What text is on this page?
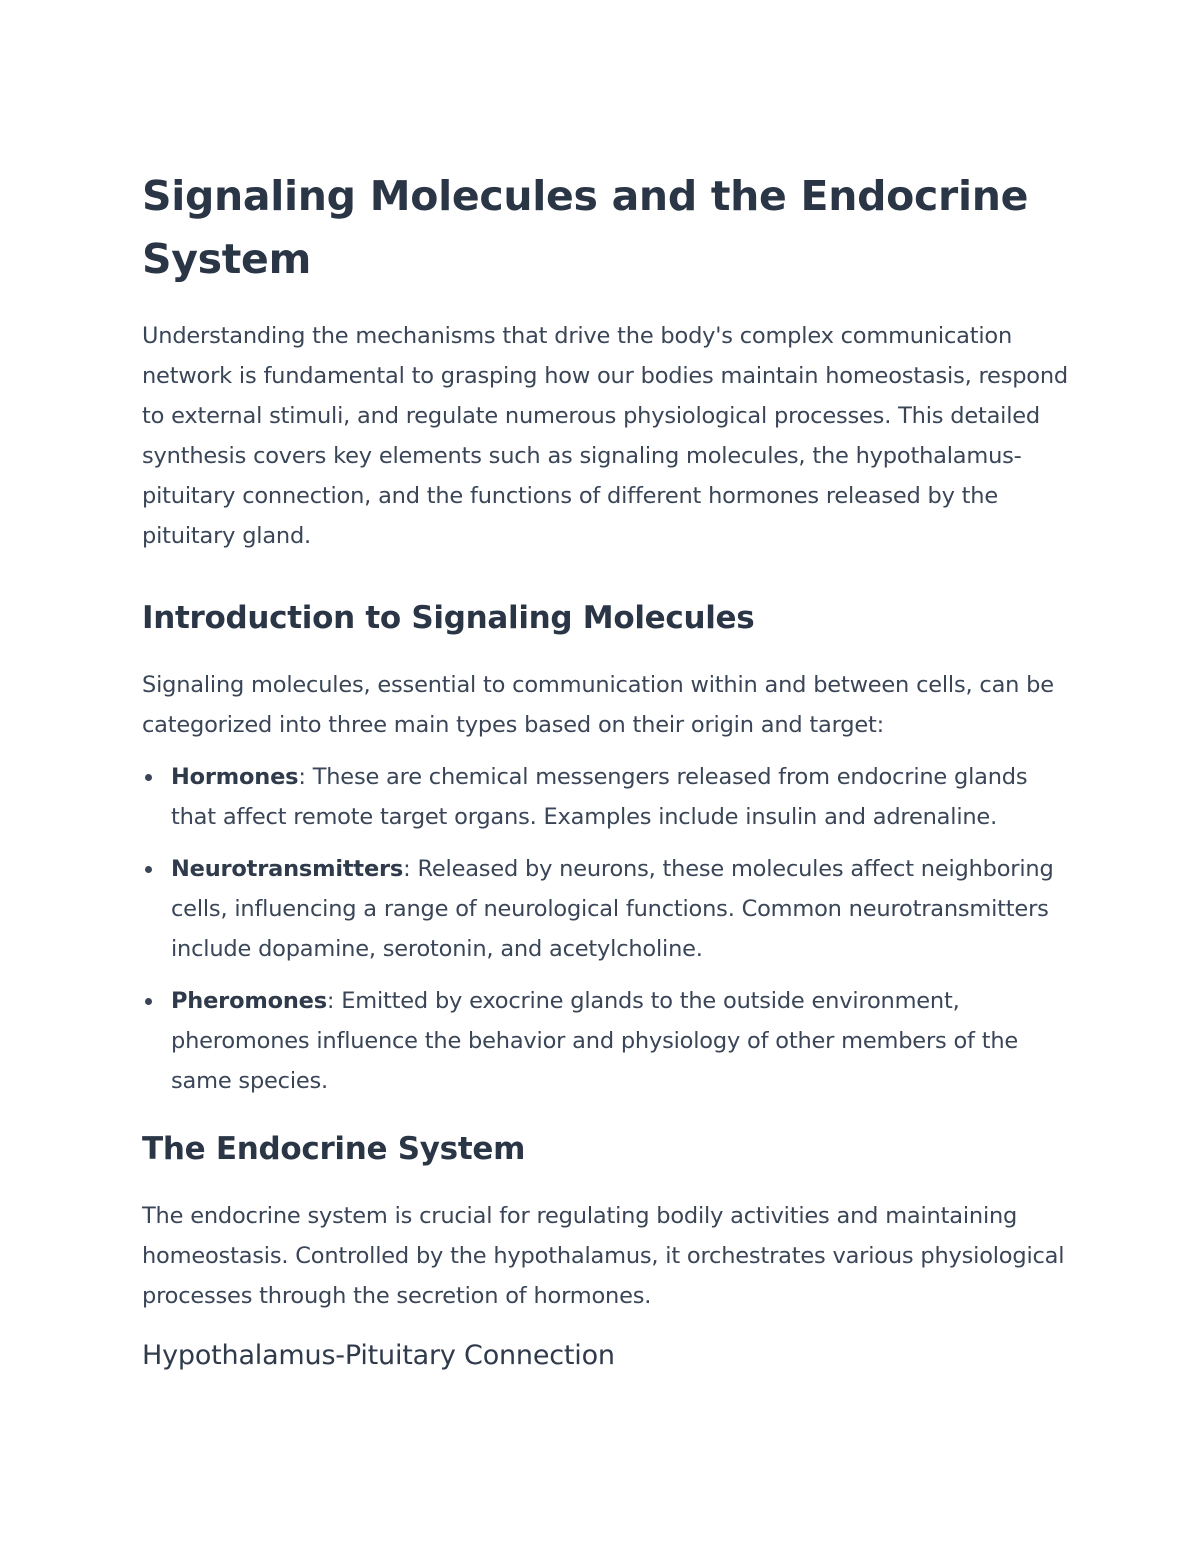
Signaling Molecules and the Endocrine System

Understanding the mechanisms that drive the body's complex communication network is fundamental to grasping how our bodies maintain homeostasis, respond to external stimuli, and regulate numerous physiological processes. This detailed synthesis covers key elements such as signaling molecules, the hypothalamus-pituitary connection, and the functions of different hormones released by the pituitary gland.

Introduction to Signaling Molecules

Signaling molecules, essential to communication within and between cells, can be categorized into three main types based on their origin and target:

Hormones: These are chemical messengers released from endocrine glands that affect remote target organs. Examples include insulin and adrenaline.
Neurotransmitters: Released by neurons, these molecules affect neighboring cells, influencing a range of neurological functions. Common neurotransmitters include dopamine, serotonin, and acetylcholine.
Pheromones: Emitted by exocrine glands to the outside environment, pheromones influence the behavior and physiology of other members of the same species.
The Endocrine System

The endocrine system is crucial for regulating bodily activities and maintaining homeostasis. Controlled by the hypothalamus, it orchestrates various physiological processes through the secretion of hormones.

Hypothalamus-Pituitary Connection
